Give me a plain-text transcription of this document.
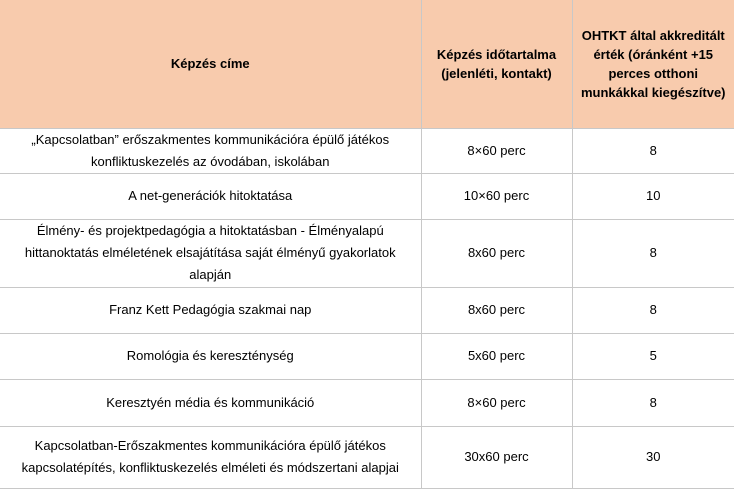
Képzés címe	Képzés időtartalma (jelenléti, kontakt)	OHTKT által akkreditált érték (óránként +15 perces otthoni munkákkal kiegészítve)
„Kapcsolatban” erőszakmentes kommunikációra épülő játékos konfliktuskezelés az óvodában, iskolában	8×60 perc	8
A net-generációk hitoktatása	10×60 perc	10
Élmény- és projektpedagógia a hitoktatásban - Élményalapú hittanoktatás elméletének elsajátítása saját élményű gyakorlatok alapján	8x60 perc	8
Franz Kett Pedagógia szakmai nap	8x60 perc	8
Romológia és kereszténység	5x60 perc	5
Keresztyén média és kommunikáció	8×60 perc	8
Kapcsolatban-Erőszakmentes kommunikációra épülő játékos kapcsolatépítés, konfliktuskezelés elméleti és módszertani alapjai	30x60 perc	30
